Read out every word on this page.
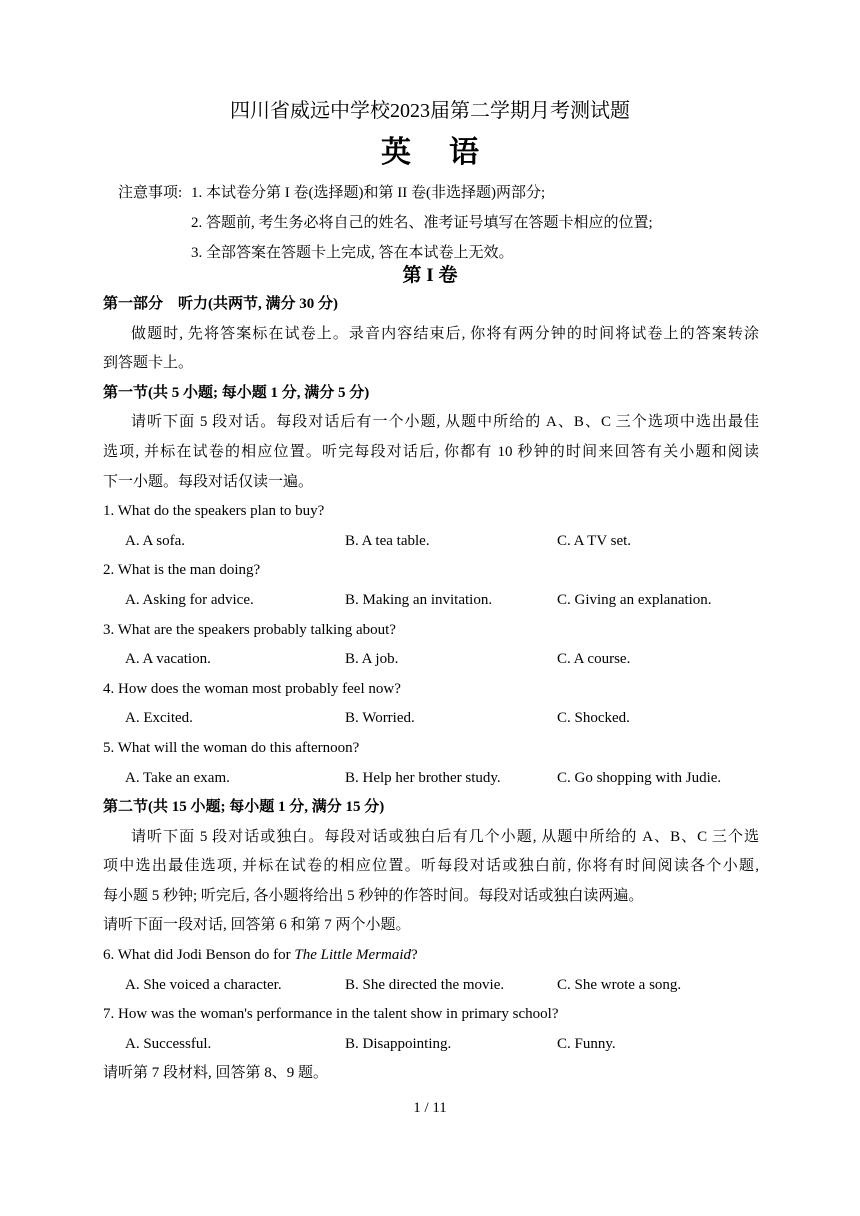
四川省威远中学校2023届第二学期月考测试题
英 语
注意事项: 1. 本试卷分第 I 卷(选择题)和第 II 卷(非选择题)两部分;
2. 答题前, 考生务必将自己的姓名、准考证号填写在答题卡相应的位置;
3. 全部答案在答题卡上完成, 答在本试卷上无效。
第 I 卷
第一部分　听力(共两节, 满分 30 分)
做题时, 先将答案标在试卷上。录音内容结束后, 你将有两分钟的时间将试卷上的答案转涂
到答题卡上。
第一节(共 5 小题; 每小题 1 分, 满分 5 分)
请听下面 5 段对话。每段对话后有一个小题, 从题中所给的 A、B、C 三个选项中选出最佳
选项, 并标在试卷的相应位置。听完每段对话后, 你都有 10 秒钟的时间来回答有关小题和阅读
下一小题。每段对话仅读一遍。
1. What do the speakers plan to buy?
A. A sofa.	B. A tea table.	C. A TV set.
2. What is the man doing?
A. Asking for advice.	B. Making an invitation.	C. Giving an explanation.
3. What are the speakers probably talking about?
A. A vacation.	B. A job.	C. A course.
4. How does the woman most probably feel now?
A. Excited.	B. Worried.	C. Shocked.
5. What will the woman do this afternoon?
A. Take an exam.	B. Help her brother study.	C. Go shopping with Judie.
第二节(共 15 小题; 每小题 1 分, 满分 15 分)
请听下面 5 段对话或独白。每段对话或独白后有几个小题, 从题中所给的 A、B、C 三个选
项中选出最佳选项, 并标在试卷的相应位置。听每段对话或独白前, 你将有时间阅读各个小题,
每小题 5 秒钟; 听完后, 各小题将给出 5 秒钟的作答时间。每段对话或独白读两遍。
请听下面一段对话, 回答第 6 和第 7 两个小题。
6. What did Jodi Benson do for The Little Mermaid?
A. She voiced a character.	B. She directed the movie.	C. She wrote a song.
7. How was the woman's performance in the talent show in primary school?
A. Successful.	B. Disappointing.	C. Funny.
请听第 7 段材料, 回答第 8、9 题。
1 / 11
